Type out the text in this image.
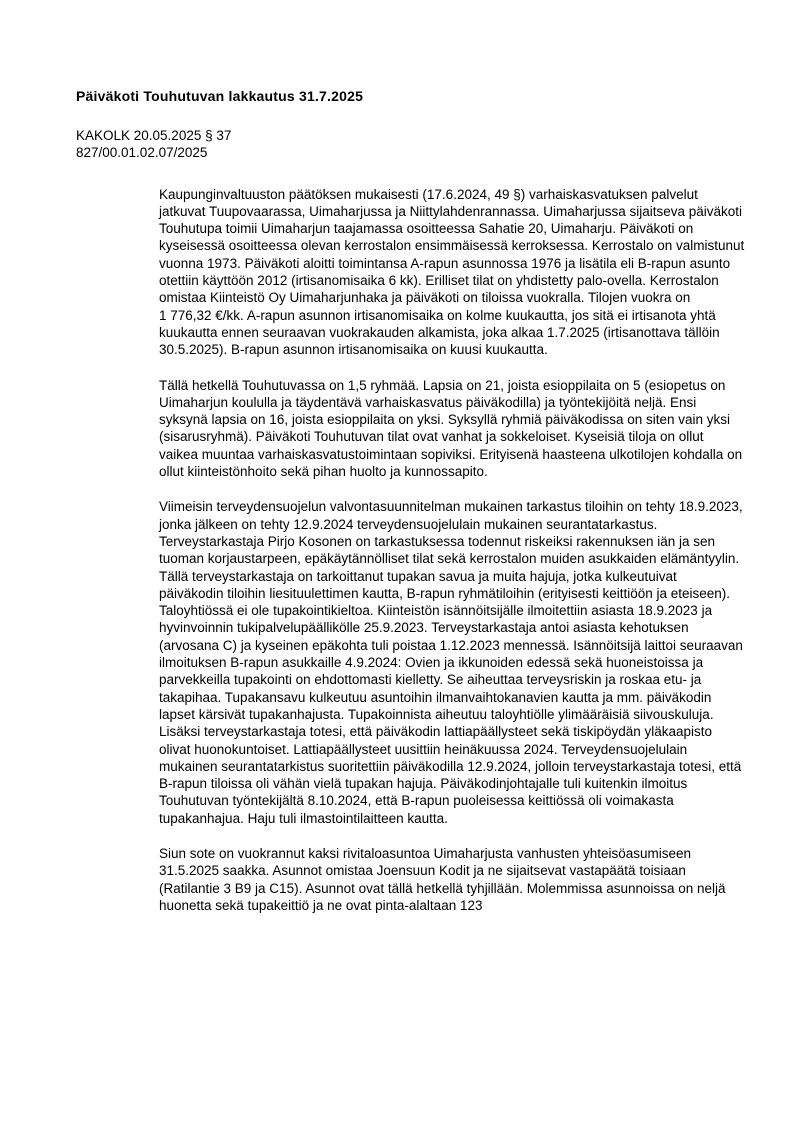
Päiväkoti Touhutuvan lakkautus 31.7.2025
KAKOLK 20.05.2025 § 37
827/00.01.02.07/2025

Kaupunginvaltuuston päätöksen mukaisesti (17.6.2024, 49 §) varhaiskasvatuksen palvelut jatkuvat Tuupovaarassa, Uimaharjussa ja Niittylahdenrannassa. Uimaharjussa sijaitseva päiväkoti Touhutupa toimii Uimaharjun taajamassa osoitteessa Sahatie 20, Uimaharju. Päiväkoti on kyseisessä osoitteessa olevan kerrostalon ensimmäisessä kerroksessa. Kerrostalo on valmistunut vuonna 1973. Päiväkoti aloitti toimintansa A-rapun asunnossa 1976 ja lisätila eli B-rapun asunto otettiin käyttöön 2012 (irtisanomisaika 6 kk). Erilliset tilat on yhdistetty palo-ovella. Kerrostalon omistaa Kiinteistö Oy Uimaharjunhaka ja päiväkoti on tiloissa vuokralla. Tilojen vuokra on 1 776,32 €/kk. A-rapun asunnon irtisanomisaika on kolme kuukautta, jos sitä ei irtisanota yhtä kuukautta ennen seuraavan vuokrakauden alkamista, joka alkaa 1.7.2025 (irtisanottava tällöin 30.5.2025). B-rapun asunnon irtisanomisaika on kuusi kuukautta.

Tällä hetkellä Touhutuvassa on 1,5 ryhmää. Lapsia on 21, joista esioppilaita on 5 (esiopetus on Uimaharjun koululla ja täydentävä varhaiskasvatus päiväkodilla) ja työntekijöitä neljä. Ensi syksynä lapsia on 16, joista esioppilaita on yksi. Syksyllä ryhmiä päiväkodissa on siten vain yksi (sisarusryhmä). Päiväkoti Touhutuvan tilat ovat vanhat ja sokkeloiset. Kyseisiä tiloja on ollut vaikea muuntaa varhaiskasvatustoimintaan sopiviksi. Erityisenä haasteena ulkotilojen kohdalla on ollut kiinteistönhoito sekä pihan huolto ja kunnossapito.

Viimeisin terveydensuojelun valvontasuunnitelman mukainen tarkastus tiloihin on tehty 18.9.2023, jonka jälkeen on tehty 12.9.2024 terveydensuojelulain mukainen seurantatarkastus. Terveystarkastaja Pirjo Kosonen on tarkastuksessa todennut riskeiksi rakennuksen iän ja sen tuoman korjaustarpeen, epäkäytännölliset tilat sekä kerrostalon muiden asukkaiden elämäntyylin. Tällä terveystarkastaja on tarkoittanut tupakan savua ja muita hajuja, jotka kulkeutuivat päiväkodin tiloihin liesituulettimen kautta, B-rapun ryhmätiloihin (erityisesti keittiöön ja eteiseen). Taloyhtiössä ei ole tupakointikieltoa. Kiinteistön isännöitsijälle ilmoitettiin asiasta 18.9.2023 ja hyvinvoinnin tukipalvelupäällikölle 25.9.2023. Terveystarkastaja antoi asiasta kehotuksen (arvosana C) ja kyseinen epäkohta tuli poistaa 1.12.2023 mennessä. Isännöitsijä laittoi seuraavan ilmoituksen B-rapun asukkaille 4.9.2024: Ovien ja ikkunoiden edessä sekä huoneistoissa ja parvekkeilla tupakointi on ehdottomasti kielletty. Se aiheuttaa terveysriskin ja roskaa etu- ja takapihaa. Tupakansavu kulkeutuu asuntoihin ilmanvaihtokanavien kautta ja mm. päiväkodin lapset kärsivät tupakanhajusta. Tupakoinnista aiheutuu taloyhtiölle ylimääräisiä siivouskuluja. Lisäksi terveystarkastaja totesi, että päiväkodin lattiapäällysteet sekä tiskipöydän yläkaapisto olivat huonokuntoiset. Lattiapäällysteet uusittiin heinäkuussa 2024. Terveydensuojelulain mukainen seurantatarkistus suoritettiin päiväkodilla 12.9.2024, jolloin terveystarkastaja totesi, että B-rapun tiloissa oli vähän vielä tupakan hajuja. Päiväkodinjohtajalle tuli kuitenkin ilmoitus Touhutuvan työntekijältä 8.10.2024, että B-rapun puoleisessa keittiössä oli voimakasta tupakanhajua. Haju tuli ilmastointilaitteen kautta.

Siun sote on vuokrannut kaksi rivitaloasuntoa Uimaharjusta vanhusten yhteisöasumiseen 31.5.2025 saakka. Asunnot omistaa Joensuun Kodit ja ne sijaitsevat vastapäätä toisiaan (Ratilantie 3 B9 ja C15). Asunnot ovat tällä hetkellä tyhjillään. Molemmissa asunnoissa on neljä huonetta sekä tupakeittiö ja ne ovat pinta-alaltaan 123
